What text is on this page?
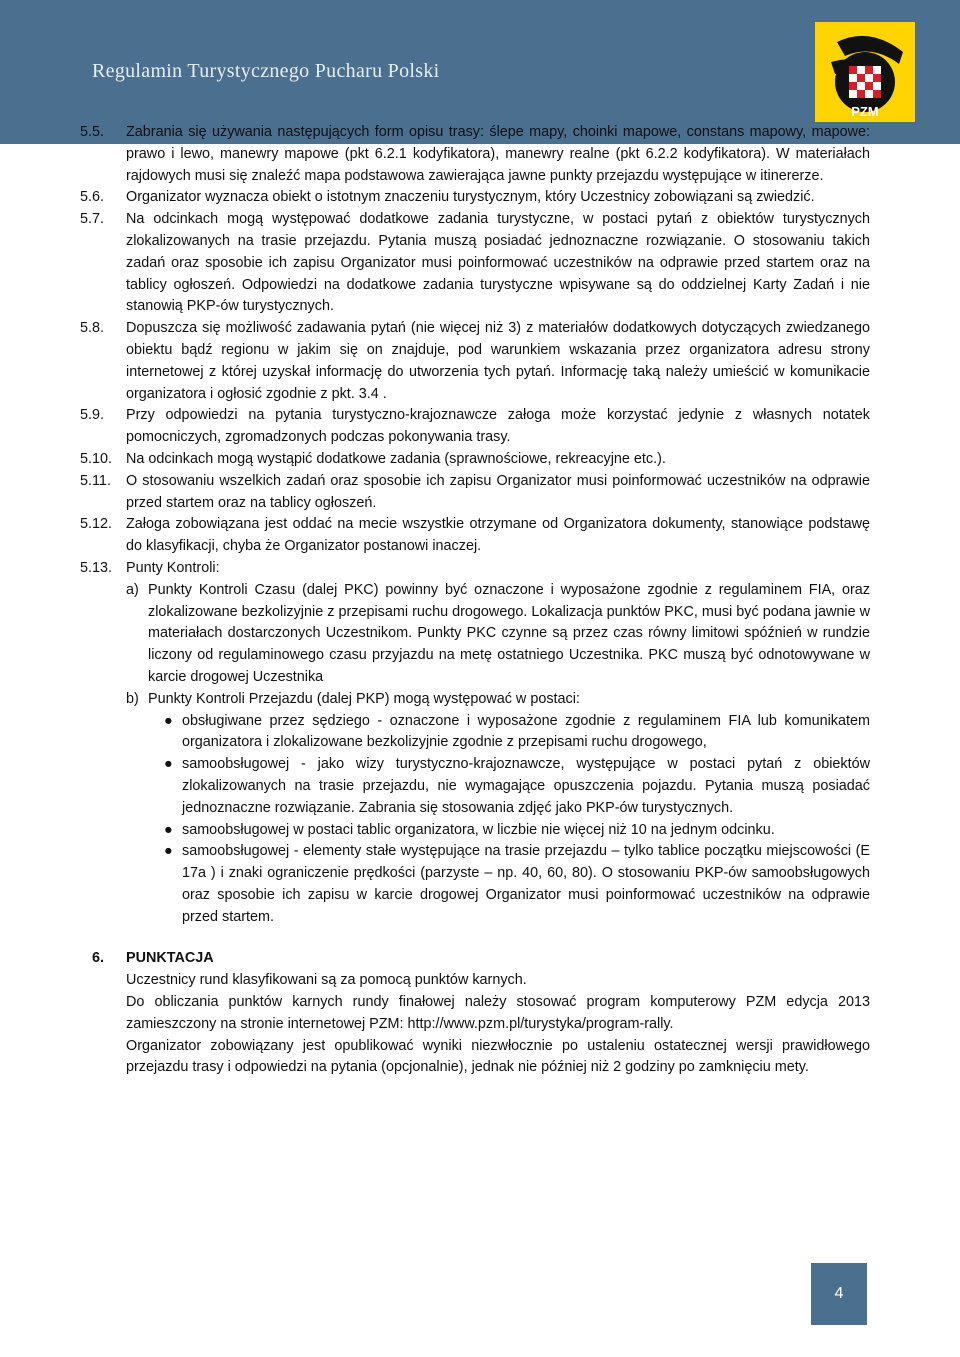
Regulamin Turystycznego Pucharu Polski
PZM
5.5.	Zabrania się używania następujących form opisu trasy: ślepe mapy, choinki mapowe, constans mapowy, mapowe: prawo i lewo, manewry mapowe (pkt 6.2.1 kodyfikatora), manewry realne (pkt 6.2.2 kodyfikatora). W materiałach rajdowych musi się znaleźć mapa podstawowa zawierająca jawne punkty przejazdu występujące w itinererze.
5.6.	Organizator wyznacza obiekt o istotnym znaczeniu turystycznym, który Uczestnicy zobowiązani są zwiedzić.
5.7.	Na odcinkach mogą występować dodatkowe zadania turystyczne, w postaci pytań z obiektów turystycznych zlokalizowanych na trasie przejazdu. Pytania muszą posiadać jednoznaczne rozwiązanie. O stosowaniu takich zadań oraz sposobie ich zapisu Organizator musi poinformować uczestników na odprawie przed startem oraz na tablicy ogłoszeń. Odpowiedzi na dodatkowe zadania turystyczne wpisywane są do oddzielnej Karty Zadań i nie stanowią PKP-ów turystycznych.
5.8.	Dopuszcza się możliwość zadawania pytań (nie więcej niż 3) z materiałów dodatkowych dotyczących zwiedzanego obiektu bądź regionu w jakim się on znajduje, pod warunkiem wskazania przez organizatora adresu strony internetowej z której uzyskał informację do utworzenia tych pytań. Informację taką należy umieścić w komunikacie organizatora i ogłosić zgodnie z pkt. 3.4 .
5.9.	Przy odpowiedzi na pytania turystyczno-krajoznawcze załoga może korzystać jedynie z własnych notatek pomocniczych, zgromadzonych podczas pokonywania trasy.
5.10. Na odcinkach mogą wystąpić dodatkowe zadania (sprawnościowe, rekreacyjne etc.).
5.11.	O stosowaniu wszelkich zadań oraz sposobie ich zapisu Organizator musi poinformować uczestników na odprawie przed startem oraz na tablicy ogłoszeń.
5.12. Załoga zobowiązana jest oddać na mecie wszystkie otrzymane od Organizatora dokumenty, stanowiące podstawę do klasyfikacji, chyba że Organizator postanowi inaczej.
5.13. Punty Kontroli:
a) Punkty Kontroli Czasu (dalej PKC) powinny być oznaczone i wyposażone zgodnie z regulaminem FIA, oraz zlokalizowane bezkolizyjnie z przepisami ruchu drogowego. Lokalizacja punktów PKC, musi być podana jawnie w materiałach dostarczonych Uczestnikom. Punkty PKC czynne są przez czas równy limitowi spóźnień w rundzie liczony od regulaminowego czasu przyjazdu na metę ostatniego Uczestnika. PKC muszą być odnotowywane w karcie drogowej Uczestnika
b) Punkty Kontroli Przejazdu (dalej PKP) mogą występować w postaci:
● obsługiwane przez sędziego - oznaczone i wyposażone zgodnie z regulaminem FIA lub komunikatem organizatora i zlokalizowane bezkolizyjnie zgodnie z przepisami ruchu drogowego,
● samoobsługowej - jako wizy turystyczno-krajoznawcze, występujące w postaci pytań z obiektów zlokalizowanych na trasie przejazdu, nie wymagające opuszczenia pojazdu. Pytania muszą posiadać jednoznaczne rozwiązanie. Zabrania się stosowania zdjęć jako PKP-ów turystycznych.
● samoobsługowej w postaci tablic organizatora, w liczbie nie więcej niż 10 na jednym odcinku.
● samoobsługowej - elementy stałe występujące na trasie przejazdu – tylko tablice początku miejscowości (E 17a ) i znaki ograniczenie prędkości (parzyste – np. 40, 60, 80). O stosowaniu PKP-ów samoobsługowych oraz sposobie ich zapisu w karcie drogowej Organizator musi poinformować uczestników na odprawie przed startem.
6.	PUNKTACJA
Uczestnicy rund klasyfikowani są za pomocą punktów karnych.
Do obliczania punktów karnych rundy finałowej należy stosować program komputerowy PZM edycja 2013 zamieszczony na stronie internetowej PZM: http://www.pzm.pl/turystyka/program-rally.
Organizator zobowiązany jest opublikować wyniki niezwłocznie po ustaleniu ostatecznej wersji prawidłowego przejazdu trasy i odpowiedzi na pytania (opcjonalnie), jednak nie później niż 2 godziny po zamknięciu mety.
4
